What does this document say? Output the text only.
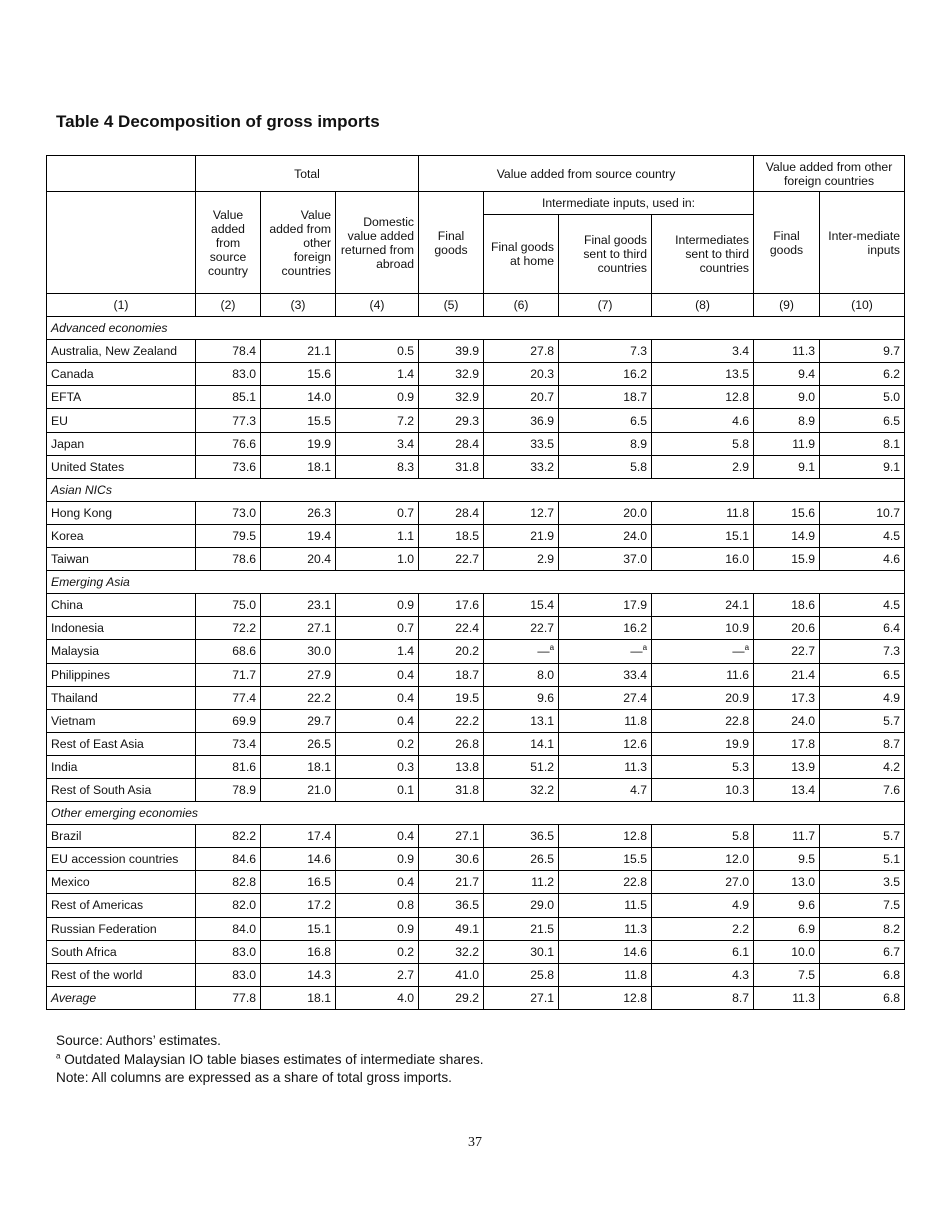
Table 4 Decomposition of gross imports
	Total			Value added from source country				Value added from other foreign countries	
	Value added from source country	Value added from other foreign countries	Domestic value added returned from abroad	Final goods	Intermediate inputs, used in:			Final goods	Inter-mediate inputs
					Final goods at home	Final goods sent to third countries	Intermediates sent to third countries		
(1)	(2)	(3)	(4)	(5)	(6)	(7)	(8)	(9)	(10)
Advanced economies									
Australia, New Zealand	78.4	21.1	0.5	39.9	27.8	7.3	3.4	11.3	9.7
Canada	83.0	15.6	1.4	32.9	20.3	16.2	13.5	9.4	6.2
EFTA	85.1	14.0	0.9	32.9	20.7	18.7	12.8	9.0	5.0
EU	77.3	15.5	7.2	29.3	36.9	6.5	4.6	8.9	6.5
Japan	76.6	19.9	3.4	28.4	33.5	8.9	5.8	11.9	8.1
United States	73.6	18.1	8.3	31.8	33.2	5.8	2.9	9.1	9.1
Asian NICs									
Hong Kong	73.0	26.3	0.7	28.4	12.7	20.0	11.8	15.6	10.7
Korea	79.5	19.4	1.1	18.5	21.9	24.0	15.1	14.9	4.5
Taiwan	78.6	20.4	1.0	22.7	2.9	37.0	16.0	15.9	4.6
Emerging Asia									
China	75.0	23.1	0.9	17.6	15.4	17.9	24.1	18.6	4.5
Indonesia	72.2	27.1	0.7	22.4	22.7	16.2	10.9	20.6	6.4
Malaysia	68.6	30.0	1.4	20.2	—$^a$	—$^a$	—$^a$	22.7	7.3
Philippines	71.7	27.9	0.4	18.7	8.0	33.4	11.6	21.4	6.5
Thailand	77.4	22.2	0.4	19.5	9.6	27.4	20.9	17.3	4.9
Vietnam	69.9	29.7	0.4	22.2	13.1	11.8	22.8	24.0	5.7
Rest of East Asia	73.4	26.5	0.2	26.8	14.1	12.6	19.9	17.8	8.7
India	81.6	18.1	0.3	13.8	51.2	11.3	5.3	13.9	4.2
Rest of South Asia	78.9	21.0	0.1	31.8	32.2	4.7	10.3	13.4	7.6
Other emerging economies									
Brazil	82.2	17.4	0.4	27.1	36.5	12.8	5.8	11.7	5.7
EU accession countries	84.6	14.6	0.9	30.6	26.5	15.5	12.0	9.5	5.1
Mexico	82.8	16.5	0.4	21.7	11.2	22.8	27.0	13.0	3.5
Rest of Americas	82.0	17.2	0.8	36.5	29.0	11.5	4.9	9.6	7.5
Russian Federation	84.0	15.1	0.9	49.1	21.5	11.3	2.2	6.9	8.2
South Africa	83.0	16.8	0.2	32.2	30.1	14.6	6.1	10.0	6.7
Rest of the world	83.0	14.3	2.7	41.0	25.8	11.8	4.3	7.5	6.8
Average	77.8	18.1	4.0	29.2	27.1	12.8	8.7	11.3	6.8
Source: Authors’ estimates.
$^a$ Outdated Malaysian IO table biases estimates of intermediate shares.
Note: All columns are expressed as a share of total gross imports.
37
